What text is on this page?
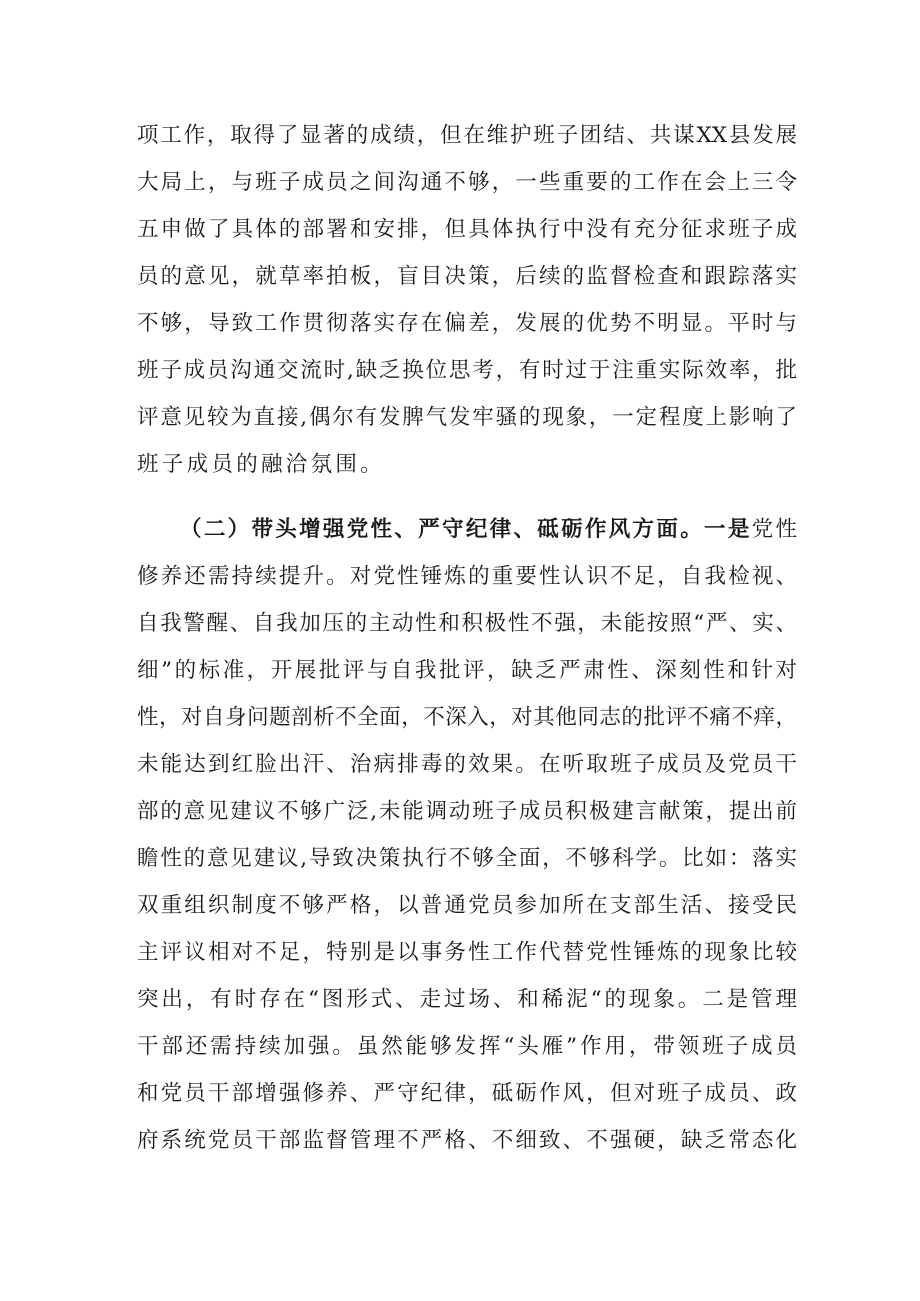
项工作，取得了显著的成绩，但在维护班子团结、共谋XX县发展
大局上，与班子成员之间沟通不够，一些重要的工作在会上三令
五申做了具体的部署和安排，但具体执行中没有充分征求班子成
员的意见，就草率拍板，盲目决策，后续的监督检查和跟踪落实
不够，导致工作贯彻落实存在偏差，发展的优势不明显。平时与
班子成员沟通交流时,缺乏换位思考，有时过于注重实际效率，批
评意见较为直接,偶尔有发脾气发牢骚的现象，一定程度上影响了
班子成员的融洽氛围。
（二）带头增强党性、严守纪律、砥砺作风方面。一是党性
修养还需持续提升。对党性锤炼的重要性认识不足，自我检视、
自我警醒、自我加压的主动性和积极性不强，未能按照“严、实、
细”的标准，开展批评与自我批评，缺乏严肃性、深刻性和针对
性，对自身问题剖析不全面，不深入，对其他同志的批评不痛不痒，
未能达到红脸出汗、治病排毒的效果。在听取班子成员及党员干
部的意见建议不够广泛,未能调动班子成员积极建言献策，提出前
瞻性的意见建议,导致决策执行不够全面，不够科学。比如：落实
双重组织制度不够严格，以普通党员参加所在支部生活、接受民
主评议相对不足，特别是以事务性工作代替党性锤炼的现象比较
突出，有时存在“图形式、走过场、和稀泥“的现象。二是管理
干部还需持续加强。虽然能够发挥“头雁”作用，带领班子成员
和党员干部增强修养、严守纪律，砥砺作风，但对班子成员、政
府系统党员干部监督管理不严格、不细致、不强硬，缺乏常态化
